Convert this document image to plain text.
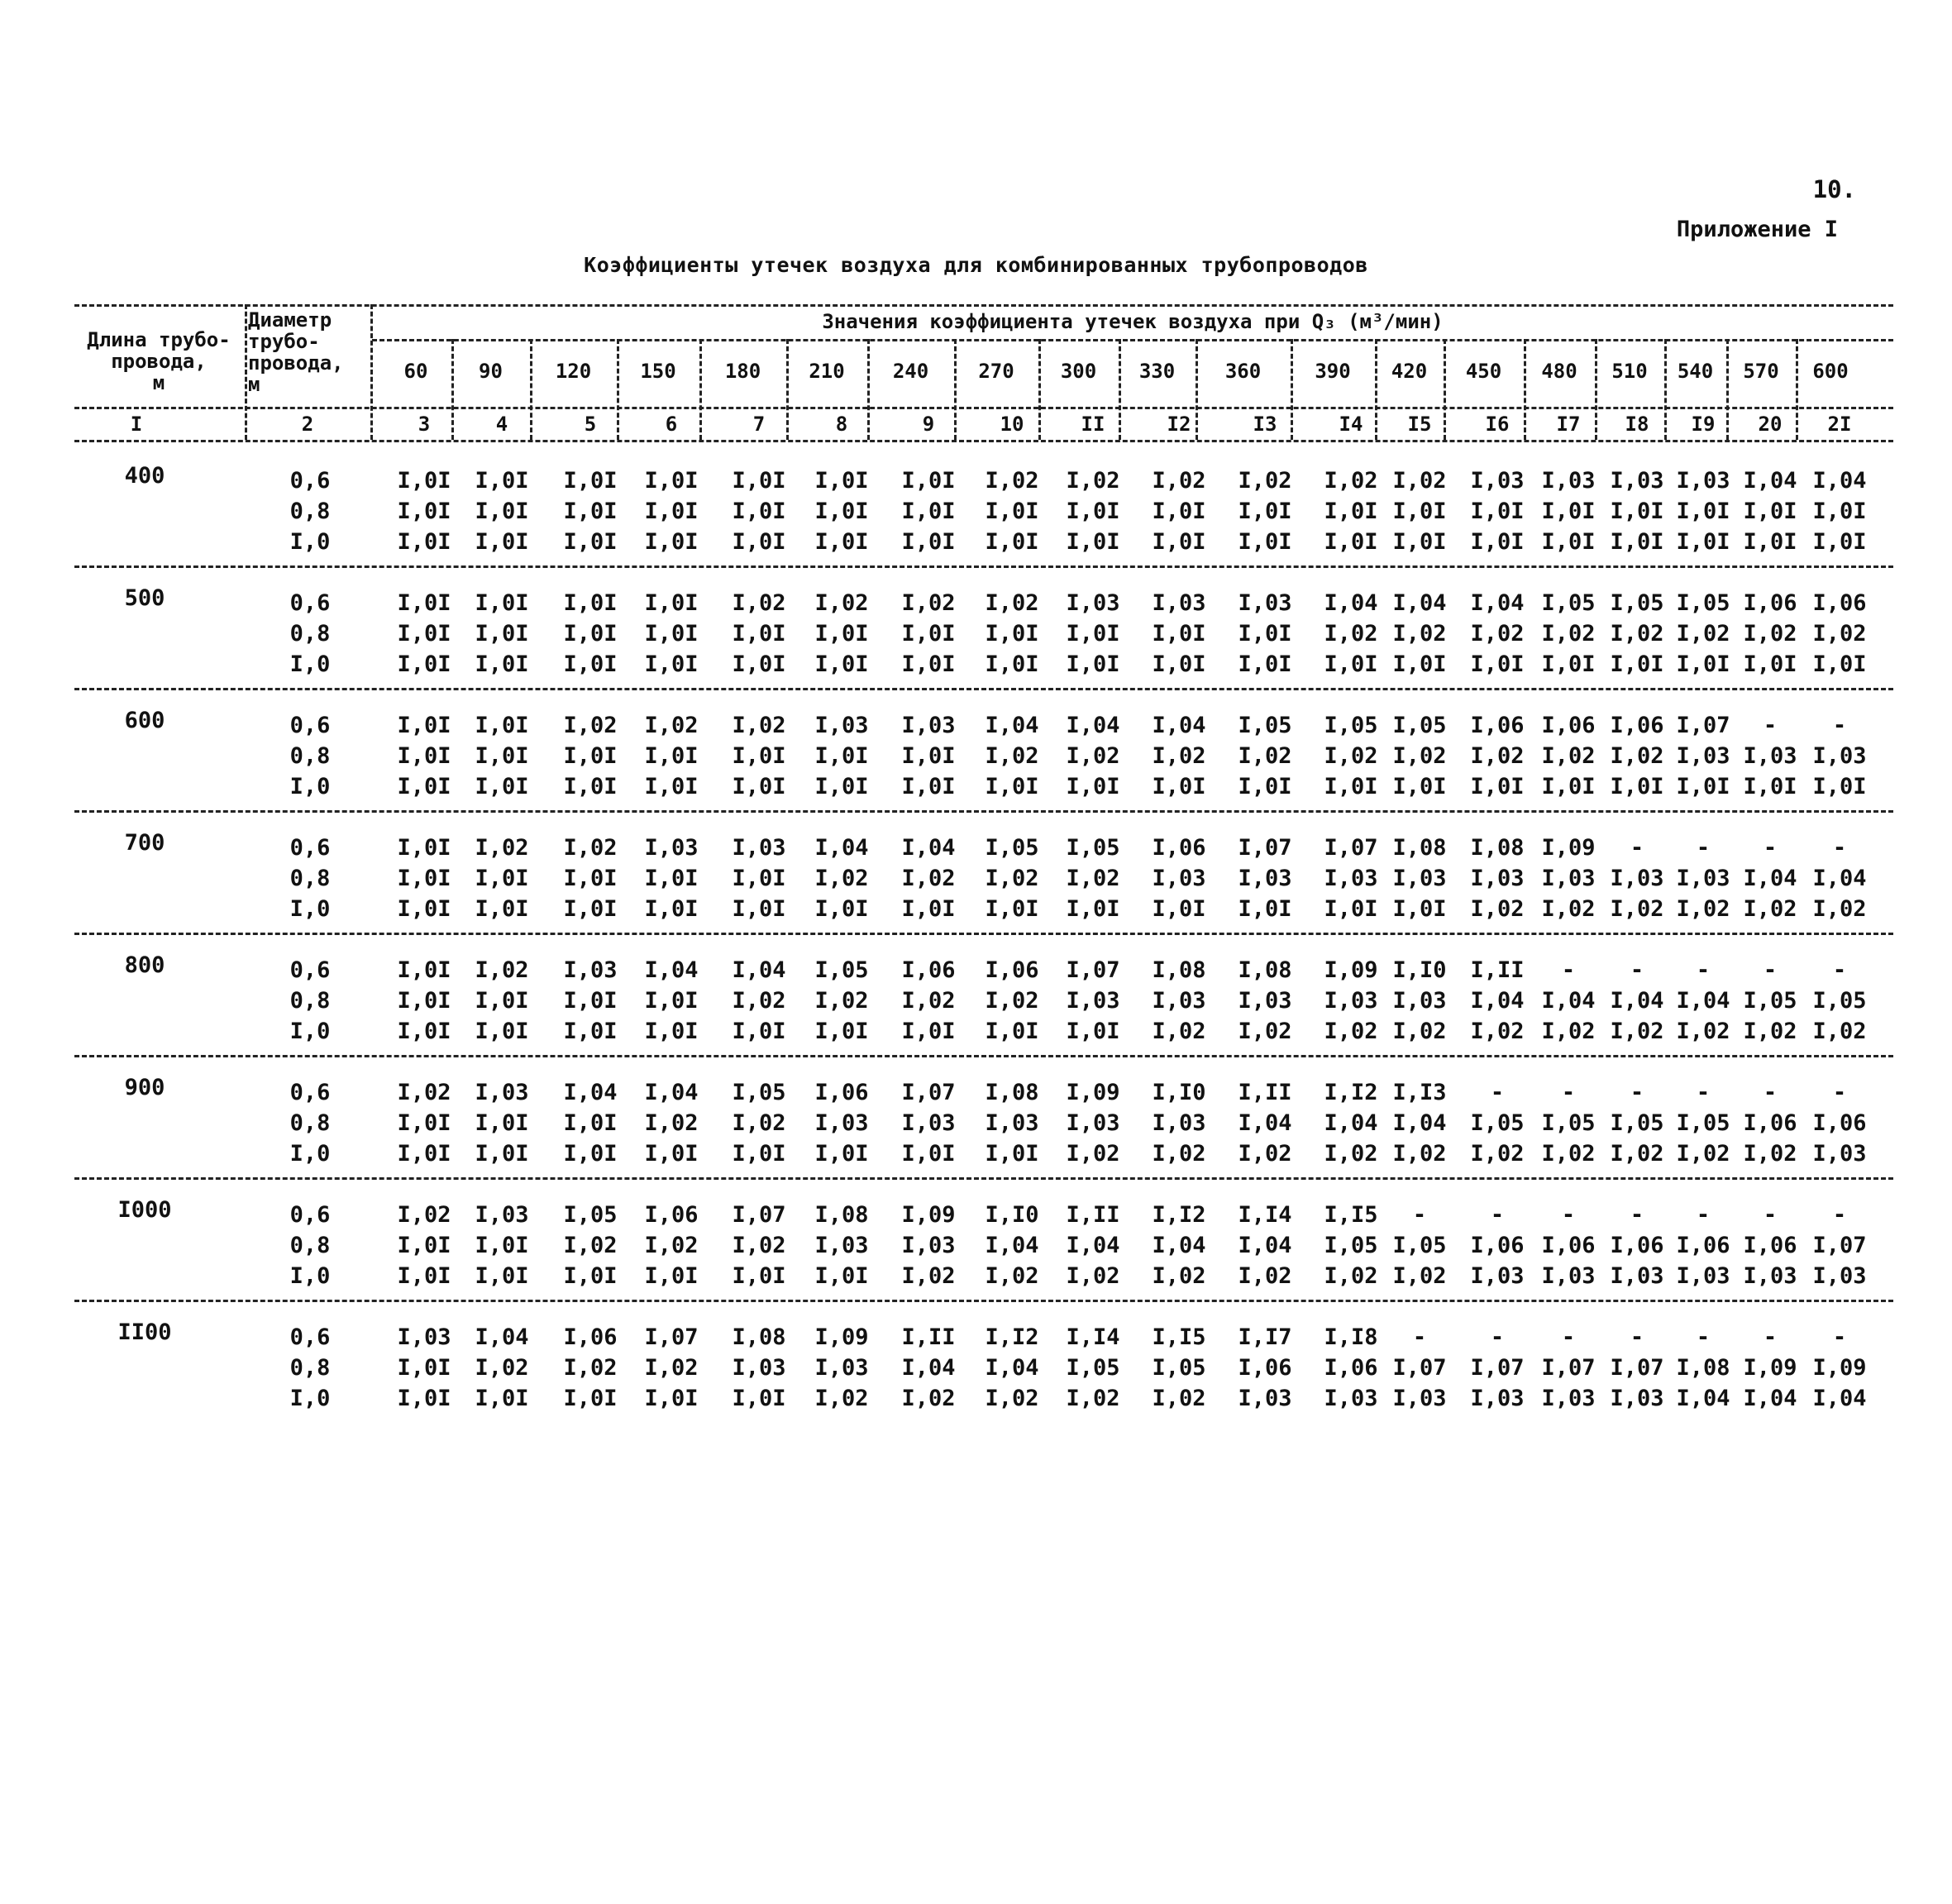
10.
Приложение I
Коэффициенты утечек воздуха для комбинированных трубопроводов
Длина трубо-
провода,
м
Диаметр
трубо-
провода,
м
Значения коэффициента утечек воздуха при Q₃ (м³/мин)
60	90	120	150	180	210	240	270	300	330	360	390	420	450	480	510	540	570	600
I	2	3	4	5	6	7	8	9	10	II	I2	I3	I4	I5	I6	I7	I8	I9	20	2I
400	0,6	I,0I	I,0I	I,0I	I,0I	I,0I	I,0I	I,0I	I,02	I,02	I,02	I,02	I,02 I,02	I,03 I,03 I,03 I,03 I,04 I,04
0,8	I,0I	I,0I	I,0I	I,0I	I,0I	I,0I	I,0I	I,0I	I,0I	I,0I	I,0I	I,0I I,0I	I,0I I,0I I,0I I,0I I,0I I,0I
I,0	I,0I	I,0I	I,0I	I,0I	I,0I	I,0I	I,0I	I,0I	I,0I	I,0I	I,0I	I,0I I,0I	I,0I I,0I I,0I I,0I I,0I I,0I
500	0,6	I,0I	I,0I	I,0I	I,0I	I,02	I,02	I,02	I,02	I,03	I,03	I,03	I,04 I,04	I,04 I,05 I,05 I,05 I,06 I,06
0,8	I,0I	I,0I	I,0I	I,0I	I,0I	I,0I	I,0I	I,0I	I,0I	I,0I	I,0I	I,02 I,02	I,02 I,02 I,02 I,02 I,02 I,02
I,0	I,0I	I,0I	I,0I	I,0I	I,0I	I,0I	I,0I	I,0I	I,0I	I,0I	I,0I	I,0I I,0I	I,0I I,0I I,0I I,0I I,0I I,0I
600	0,6	I,0I	I,0I	I,02	I,02	I,02	I,03	I,03	I,04	I,04	I,04	I,05	I,05 I,05	I,06 I,06 I,06 I,07	-	-
0,8	I,0I	I,0I	I,0I	I,0I	I,0I	I,0I	I,0I	I,02	I,02	I,02	I,02	I,02 I,02	I,02 I,02 I,02 I,03 I,03 I,03
I,0	I,0I	I,0I	I,0I	I,0I	I,0I	I,0I	I,0I	I,0I	I,0I	I,0I	I,0I	I,0I I,0I	I,0I I,0I I,0I I,0I I,0I I,0I
700	0,6	I,0I	I,02	I,02	I,03	I,03	I,04	I,04	I,05	I,05	I,06	I,07	I,07 I,08	I,08 I,09	-	-	-	-
0,8	I,0I	I,0I	I,0I	I,0I	I,0I	I,02	I,02	I,02	I,02	I,03	I,03	I,03 I,03	I,03 I,03 I,03 I,03 I,04 I,04
I,0	I,0I	I,0I	I,0I	I,0I	I,0I	I,0I	I,0I	I,0I	I,0I	I,0I	I,0I	I,0I I,0I	I,02 I,02 I,02 I,02 I,02 I,02
800	0,6	I,0I	I,02	I,03	I,04	I,04	I,05	I,06	I,06	I,07	I,08	I,08	I,09 I,I0	I,II	-	-	-	-	-
0,8	I,0I	I,0I	I,0I	I,0I	I,02	I,02	I,02	I,02	I,03	I,03	I,03	I,03 I,03	I,04 I,04 I,04 I,04 I,05 I,05
I,0	I,0I	I,0I	I,0I	I,0I	I,0I	I,0I	I,0I	I,0I	I,0I	I,02	I,02	I,02 I,02	I,02 I,02 I,02 I,02 I,02 I,02
900	0,6	I,02	I,03	I,04	I,04	I,05	I,06	I,07	I,08	I,09	I,I0	I,II	I,I2 I,I3	-	-	-	-	-	-
0,8	I,0I	I,0I	I,0I	I,02	I,02	I,03	I,03	I,03	I,03	I,03	I,04	I,04 I,04	I,05 I,05 I,05 I,05 I,06 I,06
I,0	I,0I	I,0I	I,0I	I,0I	I,0I	I,0I	I,0I	I,0I	I,02	I,02	I,02	I,02 I,02	I,02 I,02 I,02 I,02 I,02 I,03
I000	0,6	I,02	I,03	I,05	I,06	I,07	I,08	I,09	I,I0	I,II	I,I2	I,I4	I,I5	-	-	-	-	-	-	-
0,8	I,0I	I,0I	I,02	I,02	I,02	I,03	I,03	I,04	I,04	I,04	I,04	I,05 I,05	I,06 I,06 I,06 I,06 I,06 I,07
I,0	I,0I	I,0I	I,0I	I,0I	I,0I	I,0I	I,02	I,02	I,02	I,02	I,02	I,02 I,02	I,03 I,03 I,03 I,03 I,03 I,03
II00	0,6	I,03	I,04	I,06	I,07	I,08	I,09	I,II	I,I2	I,I4	I,I5	I,I7	I,I8	-	-	-	-	-	-	-
0,8	I,0I	I,02	I,02	I,02	I,03	I,03	I,04	I,04	I,05	I,05	I,06	I,06 I,07	I,07 I,07 I,07 I,08 I,09 I,09
I,0	I,0I	I,0I	I,0I	I,0I	I,0I	I,02	I,02	I,02	I,02	I,02	I,03	I,03 I,03	I,03 I,03 I,03 I,04 I,04 I,04
